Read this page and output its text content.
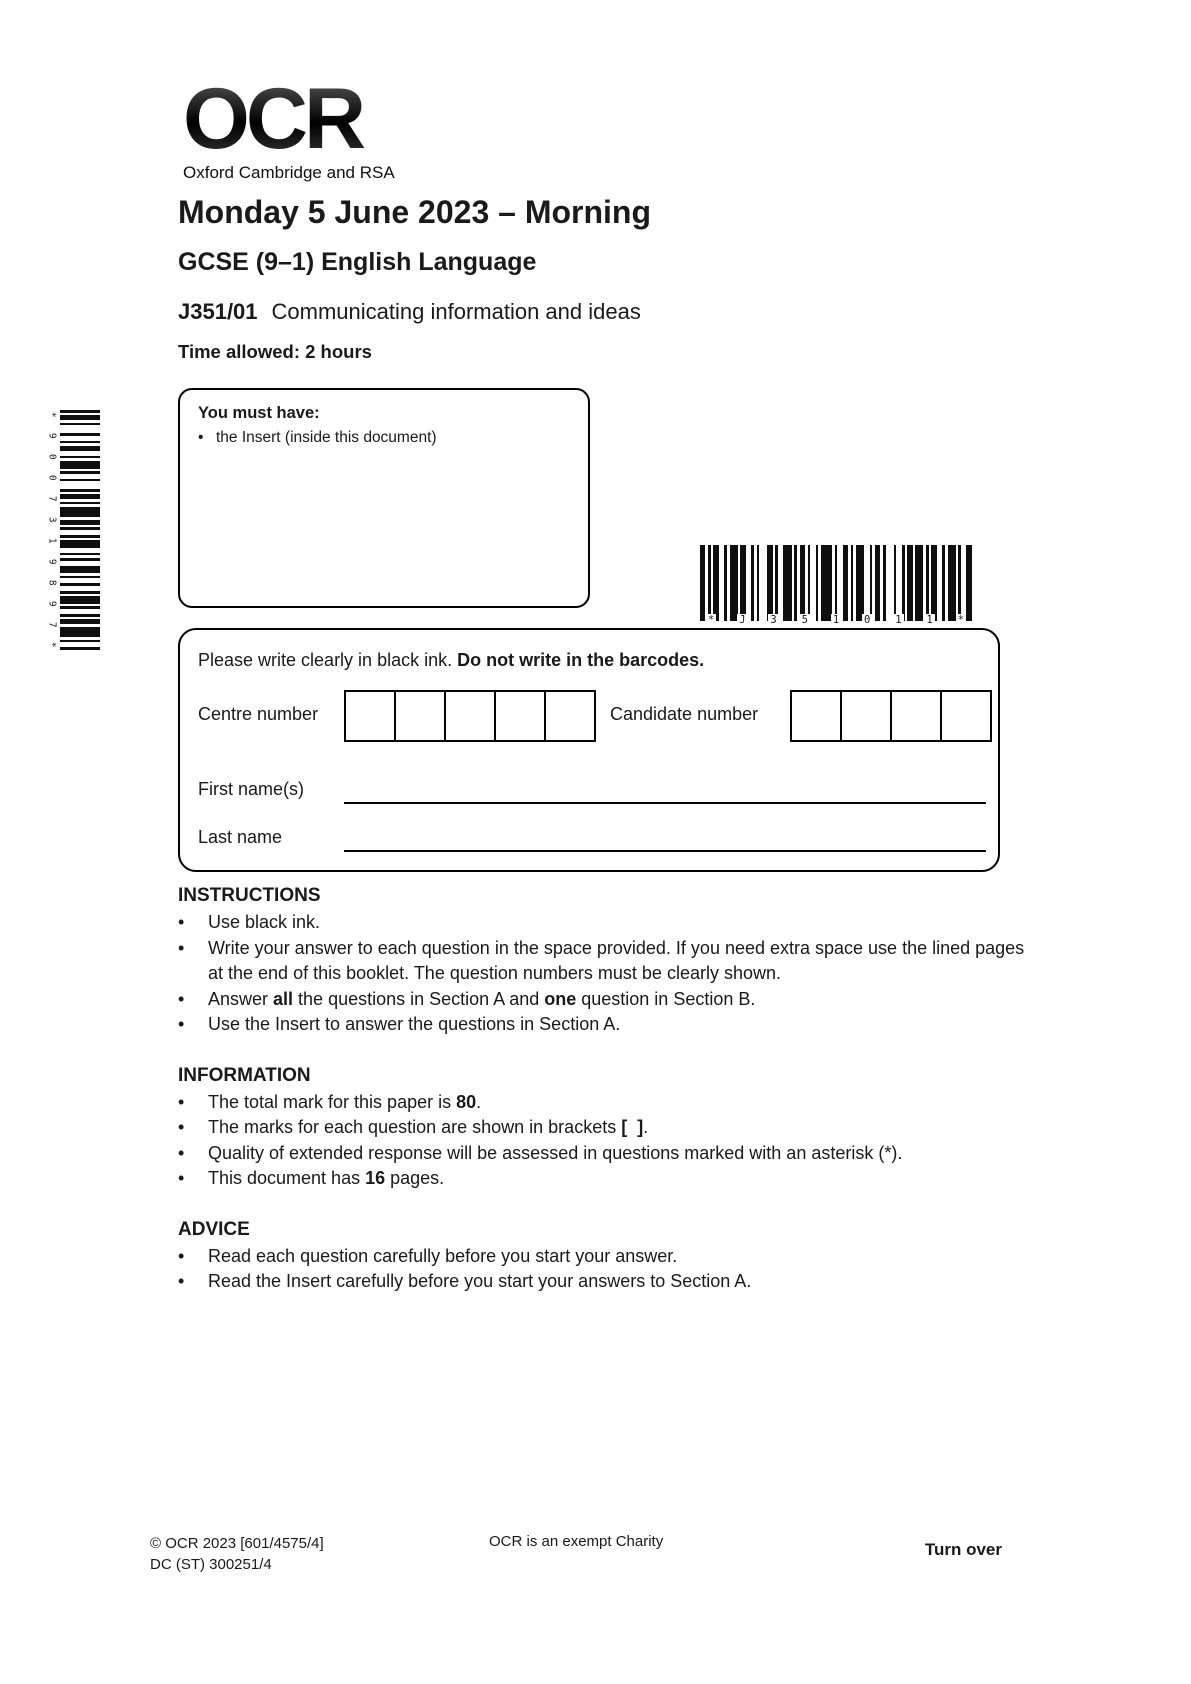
OCR
Oxford Cambridge and RSA
Monday 5 June 2023 – Morning
GCSE (9–1) English Language
J351/01 Communicating information and ideas
Time allowed: 2 hours
You must have:
•
the Insert (inside this document)
*
9
0
0
7
3
1
9
8
9
7
*
* J 3 5 1 0 1 1 *
Please write clearly in black ink. Do not write in the barcodes.
Centre number	Candidate number
First name(s)
Last name
INSTRUCTIONS
•
Use black ink.
•
Write your answer to each question in the space provided. If you need extra space use the lined pages at the end of this booklet. The question numbers must be clearly shown.
•
Answer all the questions in Section A and one question in Section B.
•
Use the Insert to answer the questions in Section A.
INFORMATION
•
The total mark for this paper is 80.
•
The marks for each question are shown in brackets [  ].
•
Quality of extended response will be assessed in questions marked with an asterisk (*).
•
This document has 16 pages.
ADVICE
•
Read each question carefully before you start your answer.
•
Read the Insert carefully before you start your answers to Section A.
© OCR 2023 [601/4575/4]
DC (ST) 300251/4
OCR is an exempt Charity	Turn over
